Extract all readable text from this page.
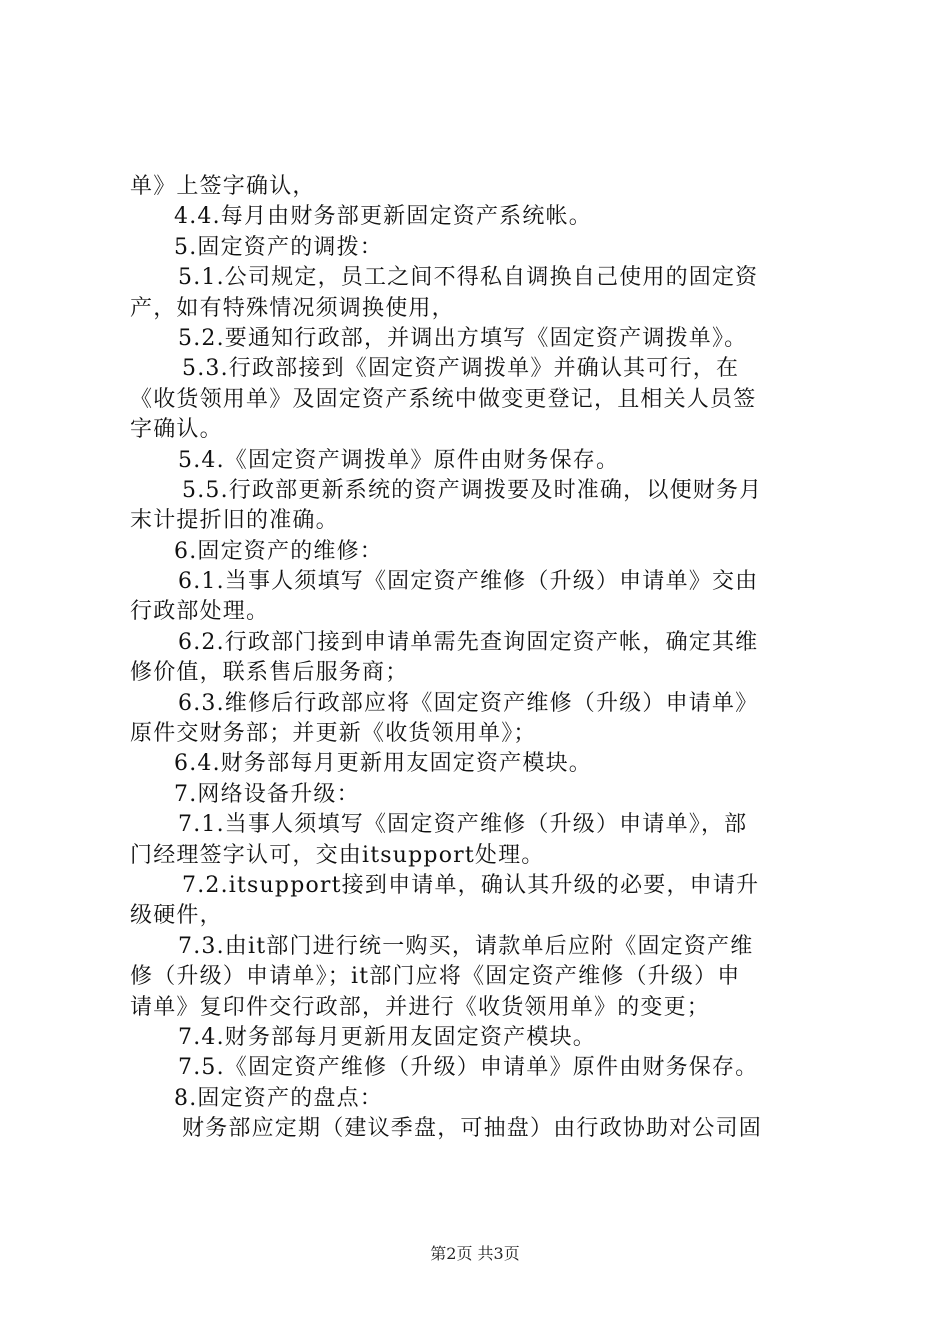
单》上签字确认，
4.4.每月由财务部更新固定资产系统帐。
5.固定资产的调拨：
5.1.公司规定，员工之间不得私自调换自己使用的固定资
产，如有特殊情况须调换使用，
5.2.要通知行政部，并调出方填写《固定资产调拨单》。
5.3.行政部接到《固定资产调拨单》并确认其可行，在
《收货领用单》及固定资产系统中做变更登记，且相关人员签
字确认。
5.4.《固定资产调拨单》原件由财务保存。
5.5.行政部更新系统的资产调拨要及时准确，以便财务月
末计提折旧的准确。
6.固定资产的维修：
6.1.当事人须填写《固定资产维修（升级）申请单》交由
行政部处理。
6.2.行政部门接到申请单需先查询固定资产帐，确定其维
修价值，联系售后服务商；
6.3.维修后行政部应将《固定资产维修（升级）申请单》
原件交财务部；并更新《收货领用单》；
6.4.财务部每月更新用友固定资产模块。
7.网络设备升级：
7.1.当事人须填写《固定资产维修（升级）申请单》，部
门经理签字认可，交由itsupport处理。
7.2.itsupport接到申请单，确认其升级的必要，申请升
级硬件，
7.3.由it部门进行统一购买，请款单后应附《固定资产维
修（升级）申请单》；it部门应将《固定资产维修（升级）申
请单》复印件交行政部，并进行《收货领用单》的变更；
7.4.财务部每月更新用友固定资产模块。
7.5.《固定资产维修（升级）申请单》原件由财务保存。
8.固定资产的盘点：
财务部应定期（建议季盘，可抽盘）由行政协助对公司固
第2页 共3页
